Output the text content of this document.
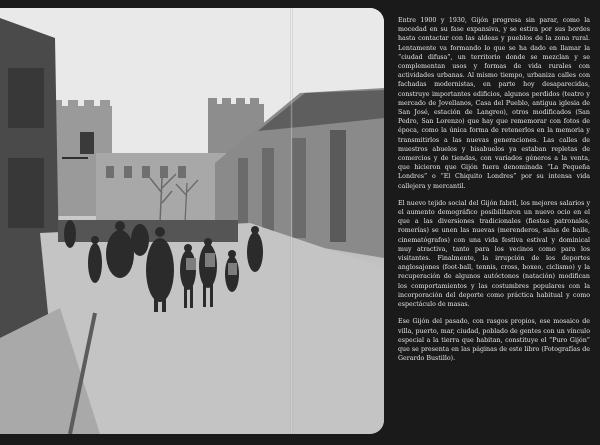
Entre 1900 y 1930, Gijón progresa sin parar, como la mocedad en su fase expansiva, y se estira por sus bordes hasta contactar con las aldeas y pueblos de la zona rural. Lentamente va formando lo que se ha dado en llamar la “ciudad difusa”, un territorio donde se mezclan y se complementan usos y formas de vida rurales con actividades urbanas. Al mismo tiempo, urbaniza calles con fachadas modernistas, en parte hoy desaparecidas, construye importantes edificios, algunos perdidos (teatro y mercado de Jovellanos, Casa del Pueblo, antigua iglesia de San José, estación de Langreo), otros modificados (San Pedro, San Lorenzo) que hay que rememorar con fotos de época, como la única forma de retenerlos en la memoria y transmitirlos a las nuevas generaciones. Las calles de muestros abuelos y bisabuelos ya estaban repletas de comercios y de tiendas, con variados géneros a la venta, que hicieron que Gijón fuera denominada “La Pequeña Londres” o “El Chiquito Londres” por su intensa vida callejera y mercantil.

El nuevo tejido social del Gijón fabril, los mejores salarios y el aumento demográfico posibilitaron un nuevo ocio en el que a las diversiones tradicionales (fiestas patronales, romerías) se unen las nuevas (merenderos, salas de baile, cinematógrafos) con una vida festiva estival y dominical muy atractiva, tanto para los vecinos como para los visitantes. Finalmente, la irrupción de los deportes anglosajones (foot-ball, tennis, cross, boxeo, ciclismo) y la recuperación de algunos autóctonos (natación) modifican los comportamientos y las costumbres populares con la incorporación del deporte como práctica habitual y como espectáculo de masas.

Ese Gijón del pasado, con rasgos propios, ese mosaico de villa, puerto, mar, ciudad, poblado de gentes con un vínculo especial a la tierra que habitan, constituye el “Puro Gijón” que se presenta en las páginas de este libro (Fotografías de Gerardo Bustillo).
